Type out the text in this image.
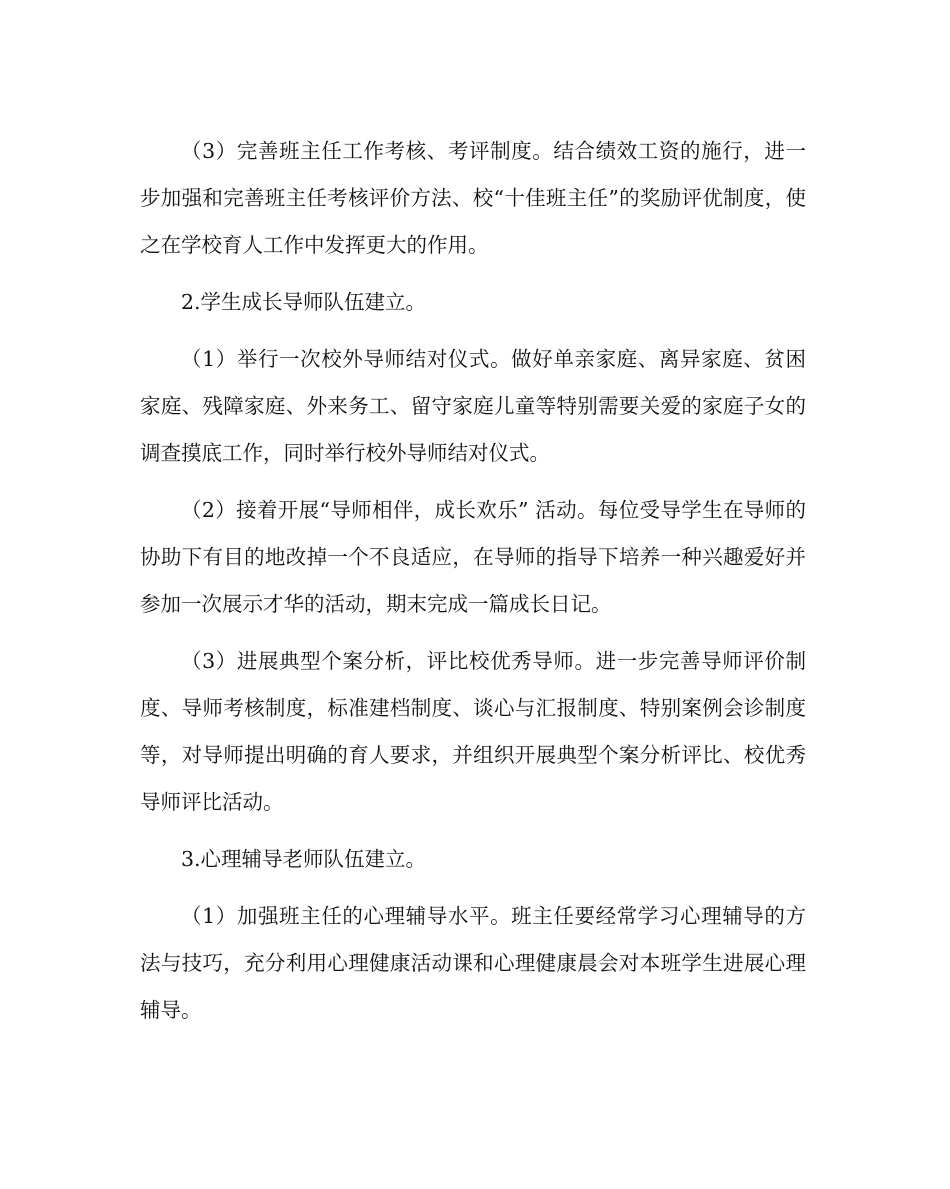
（3）完善班主任工作考核、考评制度。结合绩效工资的施行，进一步加强和完善班主任考核评价方法、校“十佳班主任”的奖励评优制度，使之在学校育人工作中发挥更大的作用。

2.学生成长导师队伍建立。

（1）举行一次校外导师结对仪式。做好单亲家庭、离异家庭、贫困家庭、残障家庭、外来务工、留守家庭儿童等特别需要关爱的家庭子女的调查摸底工作，同时举行校外导师结对仪式。

（2）接着开展“导师相伴，成长欢乐” 活动。每位受导学生在导师的协助下有目的地改掉一个不良适应，在导师的指导下培养一种兴趣爱好并参加一次展示才华的活动，期末完成一篇成长日记。

（3）进展典型个案分析，评比校优秀导师。进一步完善导师评价制度、导师考核制度，标准建档制度、谈心与汇报制度、特别案例会诊制度等，对导师提出明确的育人要求，并组织开展典型个案分析评比、校优秀导师评比活动。

3.心理辅导老师队伍建立。

（1）加强班主任的心理辅导水平。班主任要经常学习心理辅导的方法与技巧，充分利用心理健康活动课和心理健康晨会对本班学生进展心理辅导。
